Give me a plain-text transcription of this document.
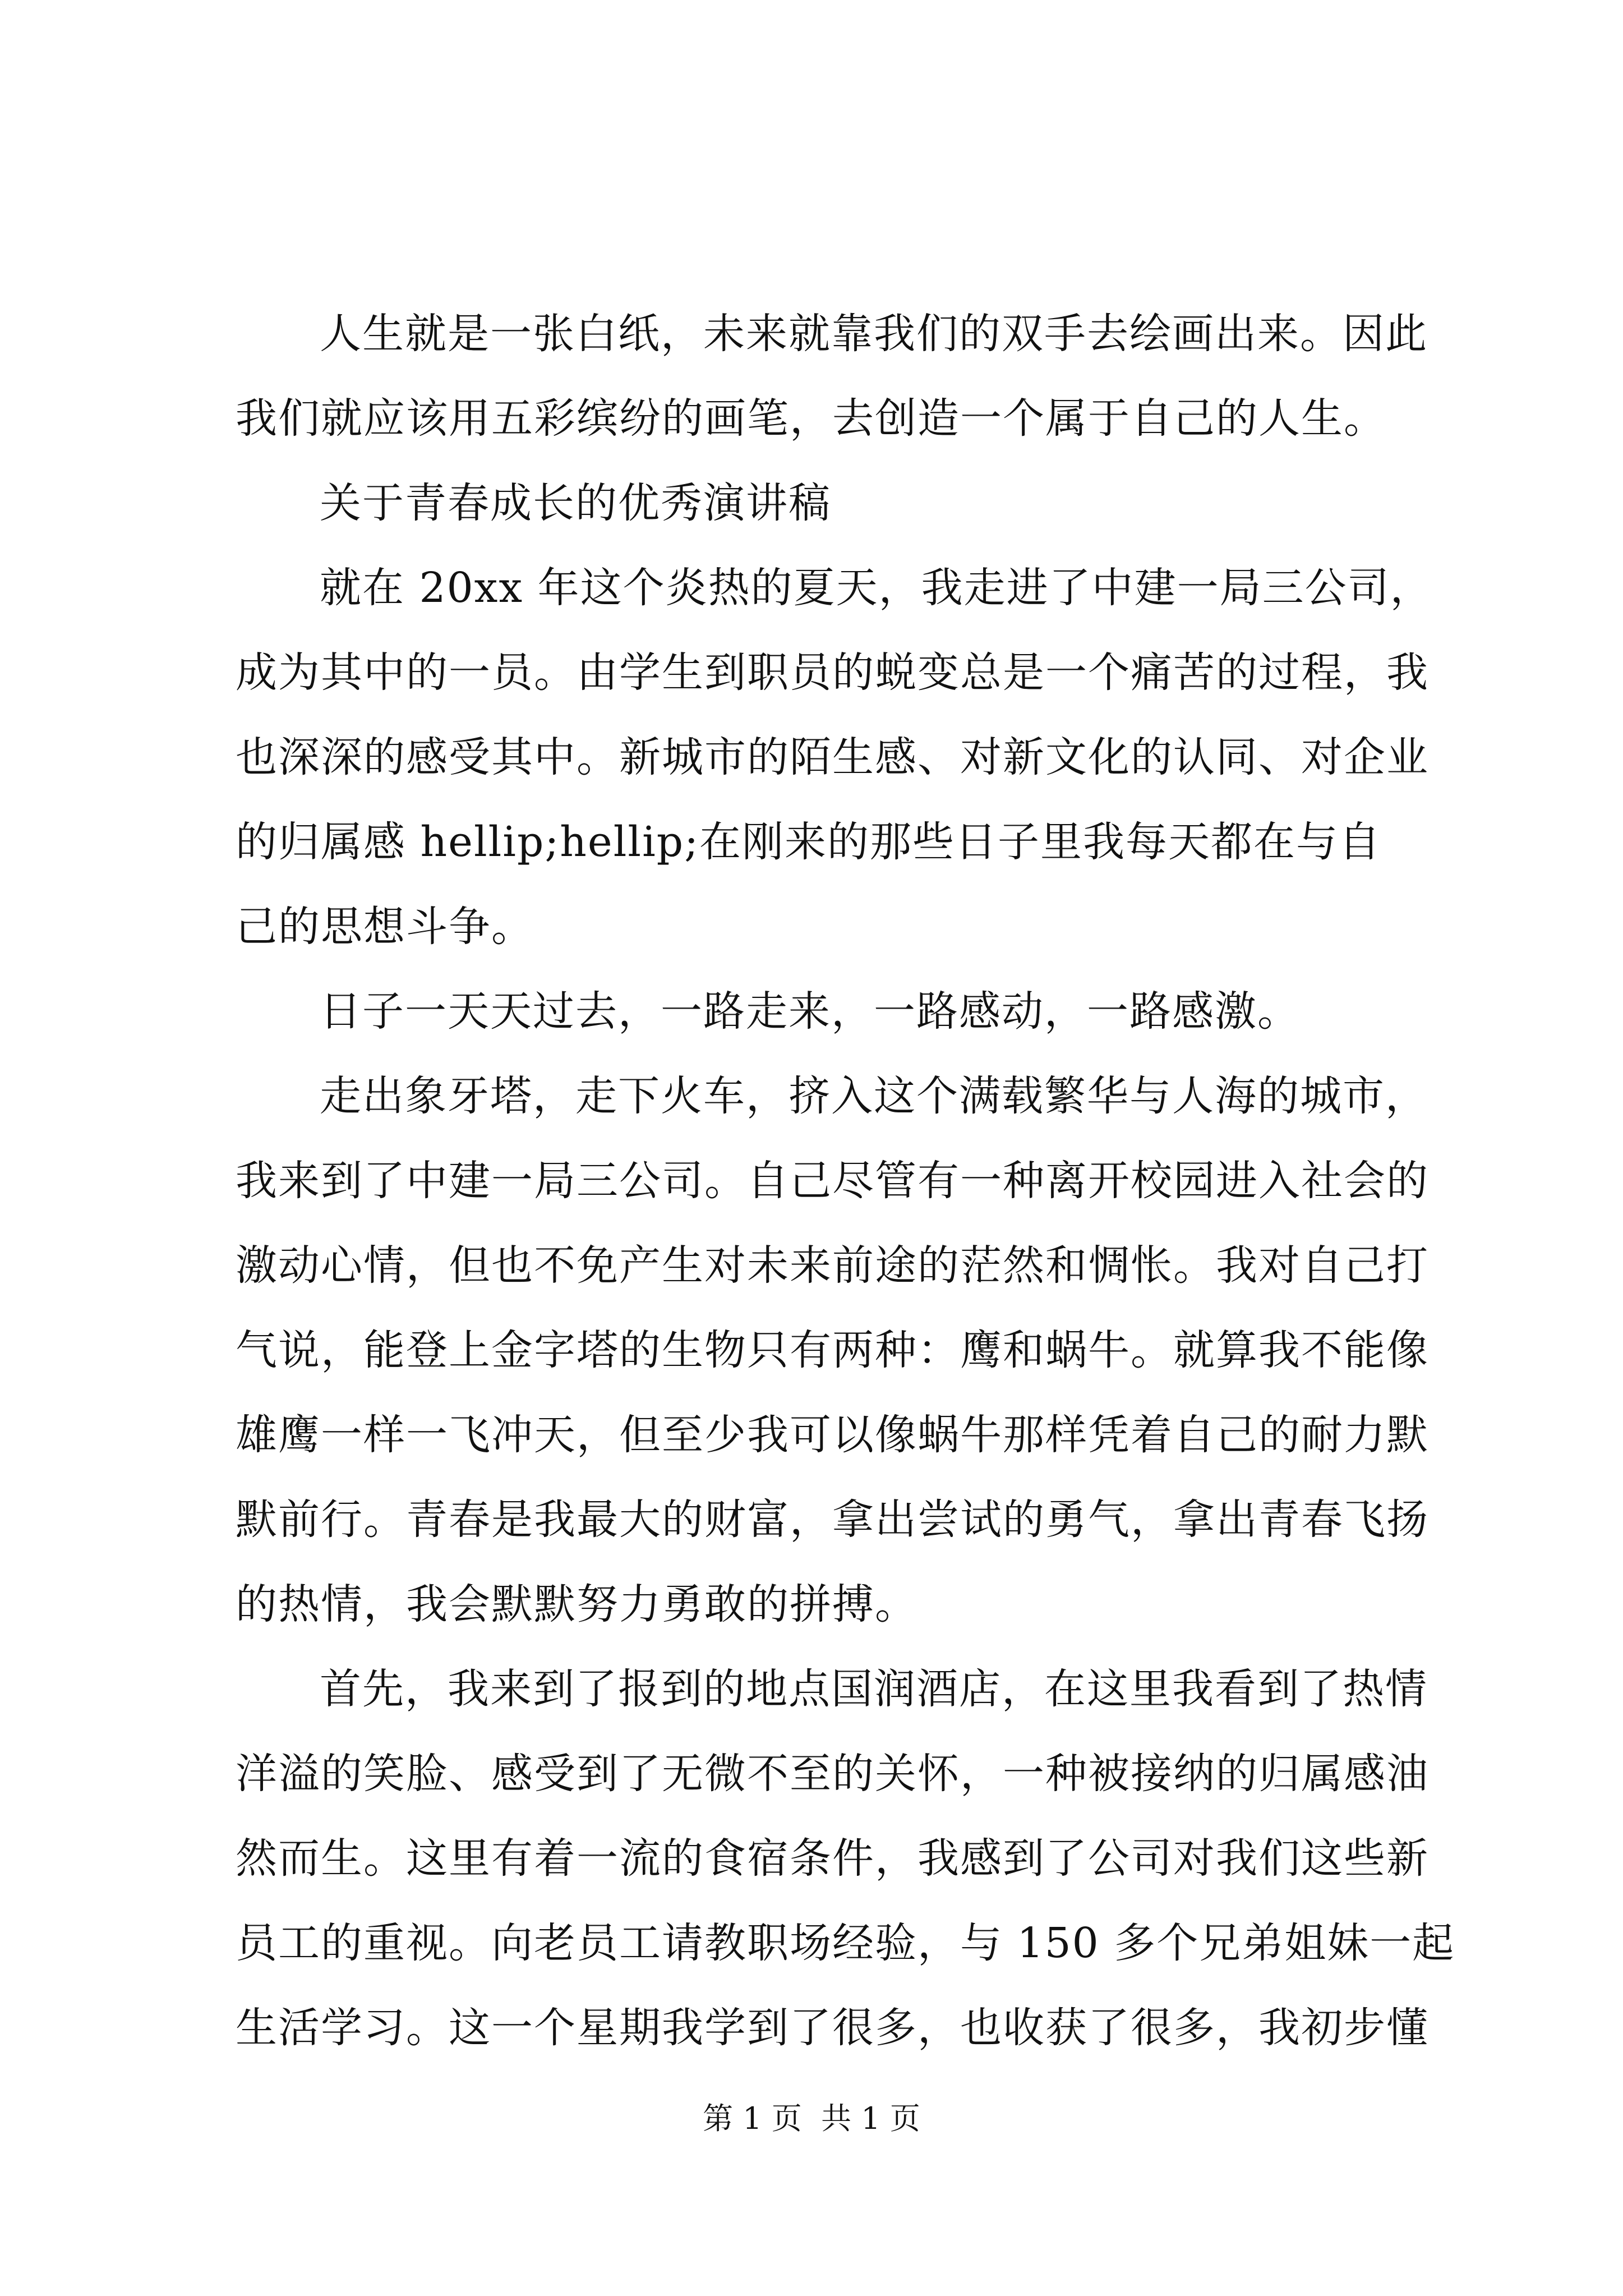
人生就是一张白纸，未来就靠我们的双手去绘画出来。因此
我们就应该用五彩缤纷的画笔，去创造一个属于自己的人生。
关于青春成长的优秀演讲稿
就在 20xx 年这个炎热的夏天，我走进了中建一局三公司，
成为其中的一员。由学生到职员的蜕变总是一个痛苦的过程，我
也深深的感受其中。新城市的陌生感、对新文化的认同、对企业
的归属感 hellip;hellip;在刚来的那些日子里我每天都在与自
己的思想斗争。
日子一天天过去，一路走来，一路感动，一路感激。
走出象牙塔，走下火车，挤入这个满载繁华与人海的城市，
我来到了中建一局三公司。自己尽管有一种离开校园进入社会的
激动心情，但也不免产生对未来前途的茫然和惆怅。我对自己打
气说，能登上金字塔的生物只有两种：鹰和蜗牛。就算我不能像
雄鹰一样一飞冲天，但至少我可以像蜗牛那样凭着自己的耐力默
默前行。青春是我最大的财富，拿出尝试的勇气，拿出青春飞扬
的热情，我会默默努力勇敢的拼搏。
首先，我来到了报到的地点国润酒店，在这里我看到了热情
洋溢的笑脸、感受到了无微不至的关怀，一种被接纳的归属感油
然而生。这里有着一流的食宿条件，我感到了公司对我们这些新
员工的重视。向老员工请教职场经验，与 150 多个兄弟姐妹一起
生活学习。这一个星期我学到了很多，也收获了很多，我初步懂
第 1 页  共 1 页
